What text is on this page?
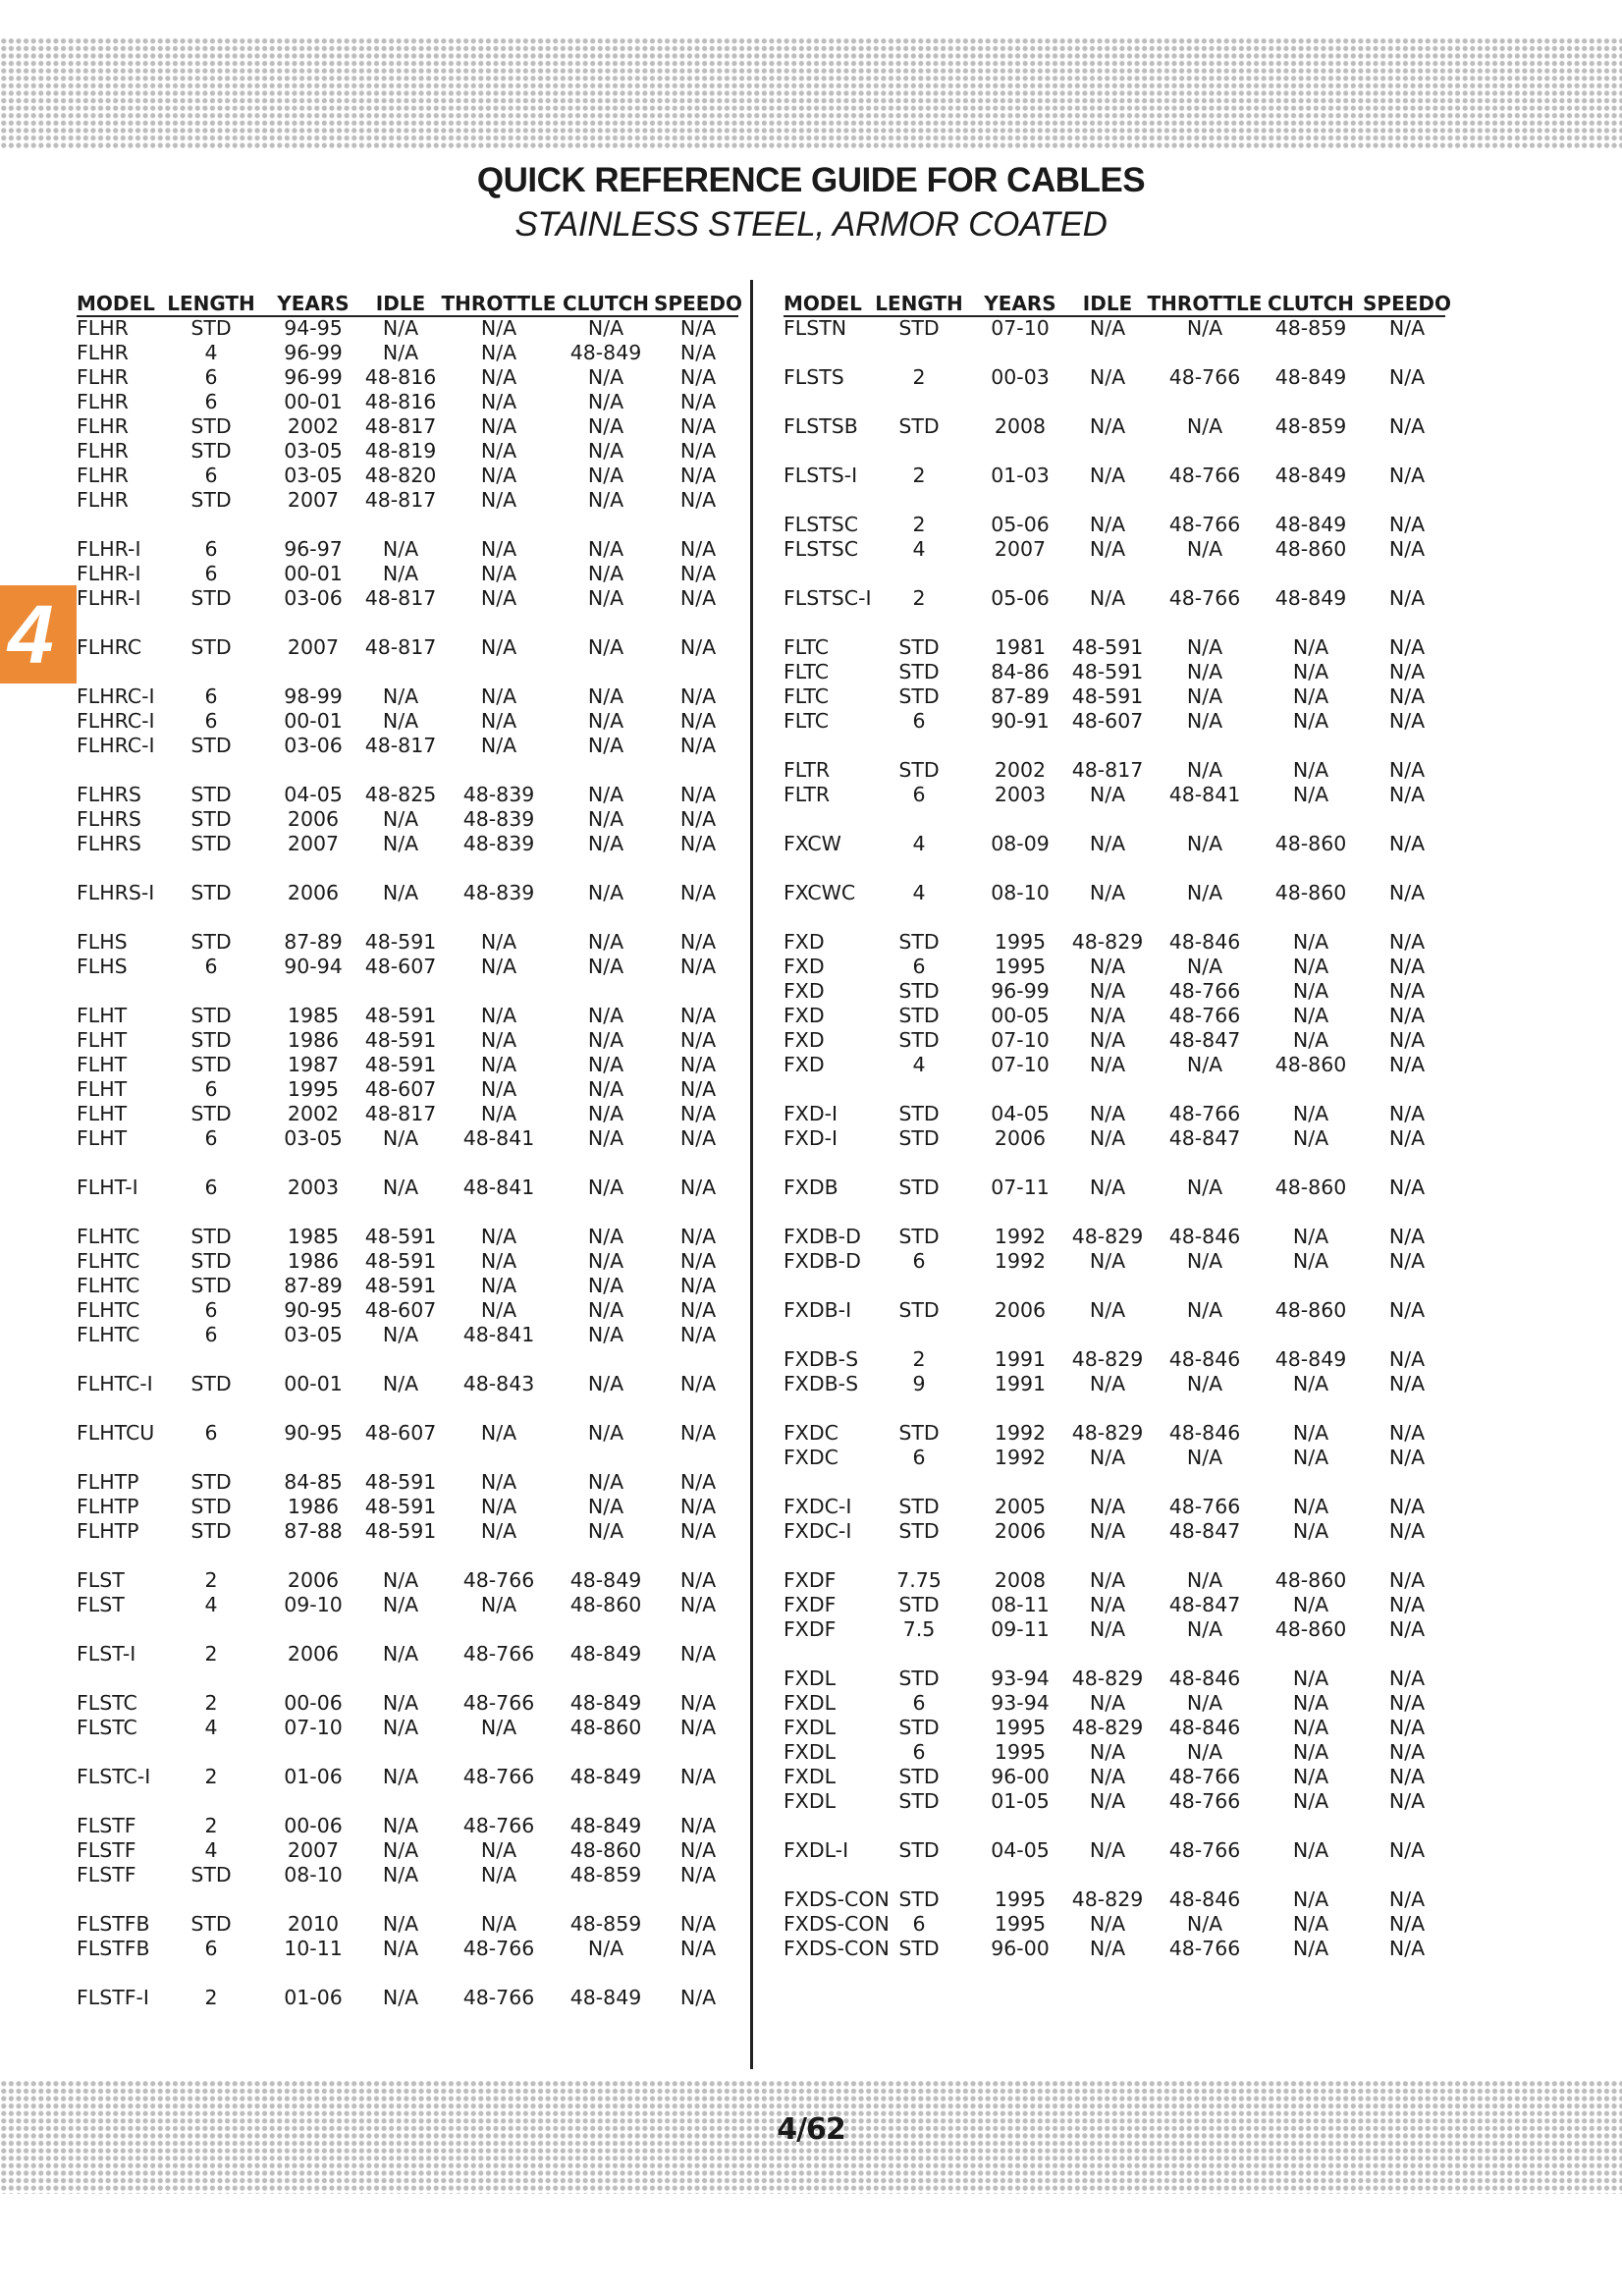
QUICK REFERENCE GUIDE FOR CABLES
STAINLESS STEEL, ARMOR COATED
4
MODEL LENGTH YEARS IDLE THROTTLE CLUTCH SPEEDO
FLHR	STD	94-95 N/A	N/A	N/A	N/A
FLHR	4	96-99 N/A	N/A	48-849 N/A
FLHR	6	96-99 48-816 N/A	N/A	N/A
FLHR	6	00-01 48-816 N/A	N/A	N/A
FLHR	STD	2002 48-817 N/A	N/A	N/A
FLHR	STD	03-05 48-819 N/A	N/A	N/A
FLHR	6	03-05 48-820 N/A	N/A	N/A
FLHR	STD	2007 48-817 N/A	N/A	N/A
FLHR-I	6	96-97 N/A	N/A	N/A	N/A
FLHR-I	6	00-01 N/A	N/A	N/A	N/A
FLHR-I STD	03-06 48-817 N/A	N/A	N/A
FLHRC STD	2007 48-817 N/A	N/A	N/A
FLHRC-I 6	98-99 N/A	N/A	N/A	N/A
FLHRC-I 6	00-01 N/A	N/A	N/A	N/A
FLHRC-I STD	03-06 48-817 N/A	N/A	N/A
FLHRS STD	04-05 48-825 48-839	N/A	N/A
FLHRS STD	2006 N/A 48-839	N/A	N/A
FLHRS STD	2007 N/A 48-839	N/A	N/A
FLHRS-I STD	2006 N/A 48-839	N/A	N/A
FLHS	STD	87-89 48-591 N/A	N/A	N/A
FLHS	6	90-94 48-607 N/A	N/A	N/A
FLHT	STD	1985 48-591 N/A	N/A	N/A
FLHT	STD	1986 48-591 N/A	N/A	N/A
FLHT	STD	1987 48-591 N/A	N/A	N/A
FLHT	6	1995 48-607 N/A	N/A	N/A
FLHT	STD	2002 48-817 N/A	N/A	N/A
FLHT	6	03-05 N/A 48-841	N/A	N/A
FLHT-I	6	2003 N/A 48-841	N/A	N/A
FLHTC	STD	1985 48-591 N/A	N/A	N/A
FLHTC	STD	1986 48-591 N/A	N/A	N/A
FLHTC	STD	87-89 48-591 N/A	N/A	N/A
FLHTC	6	90-95 48-607 N/A	N/A	N/A
FLHTC	6	03-05 N/A 48-841	N/A	N/A
FLHTC-I STD	00-01 N/A 48-843	N/A	N/A
FLHTCU 6	90-95 48-607 N/A	N/A	N/A
FLHTP	STD	84-85 48-591 N/A	N/A	N/A
FLHTP	STD	1986 48-591 N/A	N/A	N/A
FLHTP	STD	87-88 48-591 N/A	N/A	N/A
FLST	2	2006 N/A 48-766 48-849 N/A
FLST	4	09-10 N/A	N/A	48-860 N/A
FLST-I	2	2006 N/A 48-766 48-849 N/A
FLSTC	2	00-06 N/A 48-766 48-849 N/A
FLSTC	4	07-10 N/A	N/A	48-860 N/A
FLSTC-I	2	01-06 N/A 48-766 48-849 N/A
FLSTF	2	00-06 N/A 48-766 48-849 N/A
FLSTF	4	2007 N/A	N/A	48-860 N/A
FLSTF	STD	08-10 N/A	N/A	48-859 N/A
FLSTFB STD	2010 N/A	N/A	48-859 N/A
FLSTFB	6	10-11 N/A 48-766	N/A	N/A
FLSTF-I	2	01-06 N/A 48-766 48-849 N/A
MODEL LENGTH YEARS IDLE THROTTLE CLUTCH SPEEDO
FLSTN	STD	07-10 N/A	N/A	48-859 N/A
FLSTS	2	00-03 N/A 48-766 48-849 N/A
FLSTSB STD	2008 N/A	N/A	48-859 N/A
FLSTS-I	2	01-03 N/A 48-766 48-849 N/A
FLSTSC	2	05-06 N/A 48-766 48-849 N/A
FLSTSC	4	2007 N/A	N/A	48-860 N/A
FLSTSC-I 2	05-06 N/A 48-766 48-849 N/A
FLTC	STD	1981 48-591 N/A	N/A	N/A
FLTC	STD	84-86 48-591 N/A	N/A	N/A
FLTC	STD	87-89 48-591 N/A	N/A	N/A
FLTC	6	90-91 48-607 N/A	N/A	N/A
FLTR	STD	2002 48-817 N/A	N/A	N/A
FLTR	6	2003 N/A 48-841	N/A	N/A
FXCW	4	08-09 N/A	N/A	48-860 N/A
FXCWC	4	08-10 N/A	N/A	48-860 N/A
FXD	STD	1995 48-829 48-846	N/A	N/A
FXD	6	1995 N/A	N/A	N/A	N/A
FXD	STD	96-99 N/A 48-766	N/A	N/A
FXD	STD	00-05 N/A 48-766	N/A	N/A
FXD	STD	07-10 N/A 48-847	N/A	N/A
FXD	4	07-10 N/A	N/A	48-860 N/A
FXD-I	STD	04-05 N/A 48-766	N/A	N/A
FXD-I	STD	2006 N/A 48-847	N/A	N/A
FXDB	STD	07-11 N/A	N/A	48-860 N/A
FXDB-D STD	1992 48-829 48-846	N/A	N/A
FXDB-D	6	1992 N/A	N/A	N/A	N/A
FXDB-I STD	2006 N/A	N/A	48-860 N/A
FXDB-S	2	1991 48-829 48-846 48-849 N/A
FXDB-S	9	1991 N/A	N/A	N/A	N/A
FXDC	STD	1992 48-829 48-846	N/A	N/A
FXDC	6	1992 N/A	N/A	N/A	N/A
FXDC-I STD	2005 N/A 48-766	N/A	N/A
FXDC-I STD	2006 N/A 48-847	N/A	N/A
FXDF	7.75	2008 N/A	N/A	48-860 N/A
FXDF	STD	08-11 N/A 48-847	N/A	N/A
FXDF	7.5	09-11 N/A	N/A	48-860 N/A
FXDL	STD	93-94 48-829 48-846	N/A	N/A
FXDL	6	93-94 N/A	N/A	N/A	N/A
FXDL	STD	1995 48-829 48-846	N/A	N/A
FXDL	6	1995 N/A	N/A	N/A	N/A
FXDL	STD	96-00 N/A 48-766	N/A	N/A
FXDL	STD	01-05 N/A 48-766	N/A	N/A
FXDL-I STD	04-05 N/A 48-766	N/A	N/A
FXDS-CON STD	1995 48-829 48-846	N/A	N/A
FXDS-CON 6	1995 N/A	N/A	N/A	N/A
FXDS-CON STD	96-00 N/A 48-766	N/A	N/A
4/62
